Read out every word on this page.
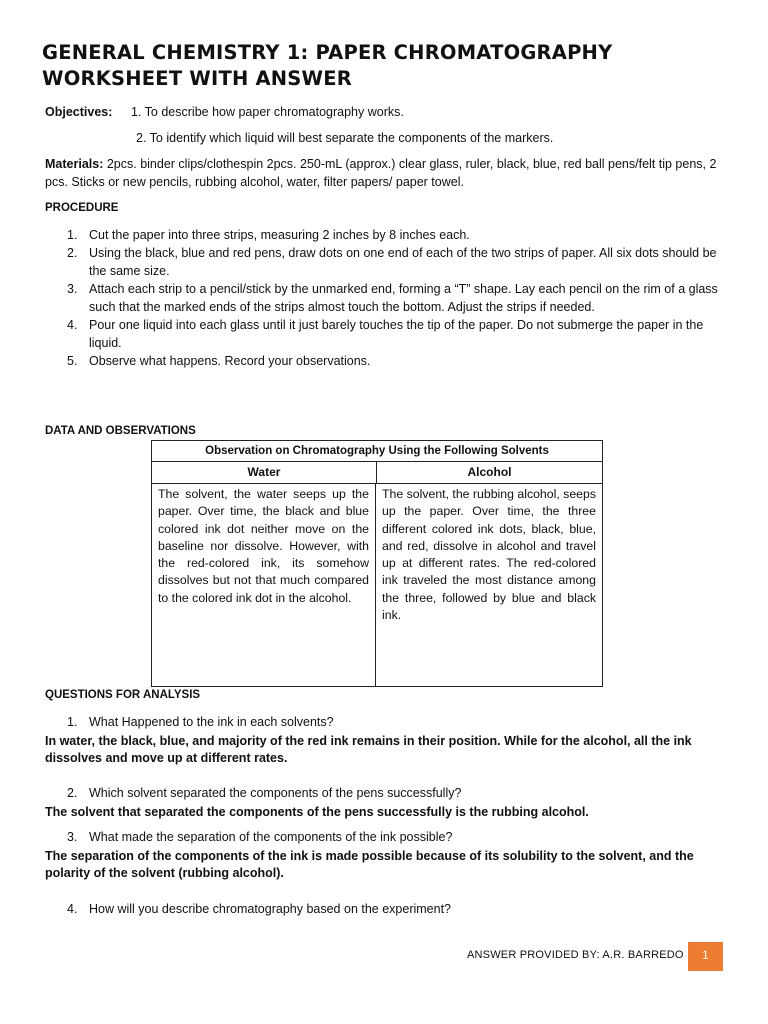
GENERAL CHEMISTRY 1: PAPER CHROMATOGRAPHY
WORKSHEET WITH ANSWER
Objectives: 1. To describe how paper chromatography works.
2. To identify which liquid will best separate the components of the markers.
Materials: 2pcs. binder clips/clothespin 2pcs. 250-mL (approx.) clear glass, ruler, black, blue, red ball pens/felt tip pens, 2 pcs. Sticks or new pencils, rubbing alcohol, water, filter papers/ paper towel.
PROCEDURE
1. Cut the paper into three strips, measuring 2 inches by 8 inches each.
2. Using the black, blue and red pens, draw dots on one end of each of the two strips of paper. All six dots should be the same size.
3. Attach each strip to a pencil/stick by the unmarked end, forming a “T” shape. Lay each pencil on the rim of a glass such that the marked ends of the strips almost touch the bottom. Adjust the strips if needed.
4. Pour one liquid into each glass until it just barely touches the tip of the paper. Do not submerge the paper in the liquid.
5. Observe what happens. Record your observations.
DATA AND OBSERVATIONS
Observation on Chromatography Using the Following Solvents
Water	Alcohol
The solvent, the water seeps up the paper. Over time, the black and blue colored ink dot neither move on the baseline nor dissolve. However, with the red-colored ink, its somehow dissolves but not that much compared to the colored ink dot in the alcohol.
The solvent, the rubbing alcohol, seeps up the paper. Over time, the three different colored ink dots, black, blue, and red, dissolve in alcohol and travel up at different rates. The red-colored ink traveled the most distance among the three, followed by blue and black ink.
QUESTIONS FOR ANALYSIS
1. What Happened to the ink in each solvents?
In water, the black, blue, and majority of the red ink remains in their position. While for the alcohol, all the ink dissolves and move up at different rates.
2. Which solvent separated the components of the pens successfully?
The solvent that separated the components of the pens successfully is the rubbing alcohol.
3. What made the separation of the components of the ink possible?
The separation of the components of the ink is made possible because of its solubility to the solvent, and the polarity of the solvent (rubbing alcohol).
4. How will you describe chromatography based on the experiment?
ANSWER PROVIDED BY: A.R. BARREDO	1
